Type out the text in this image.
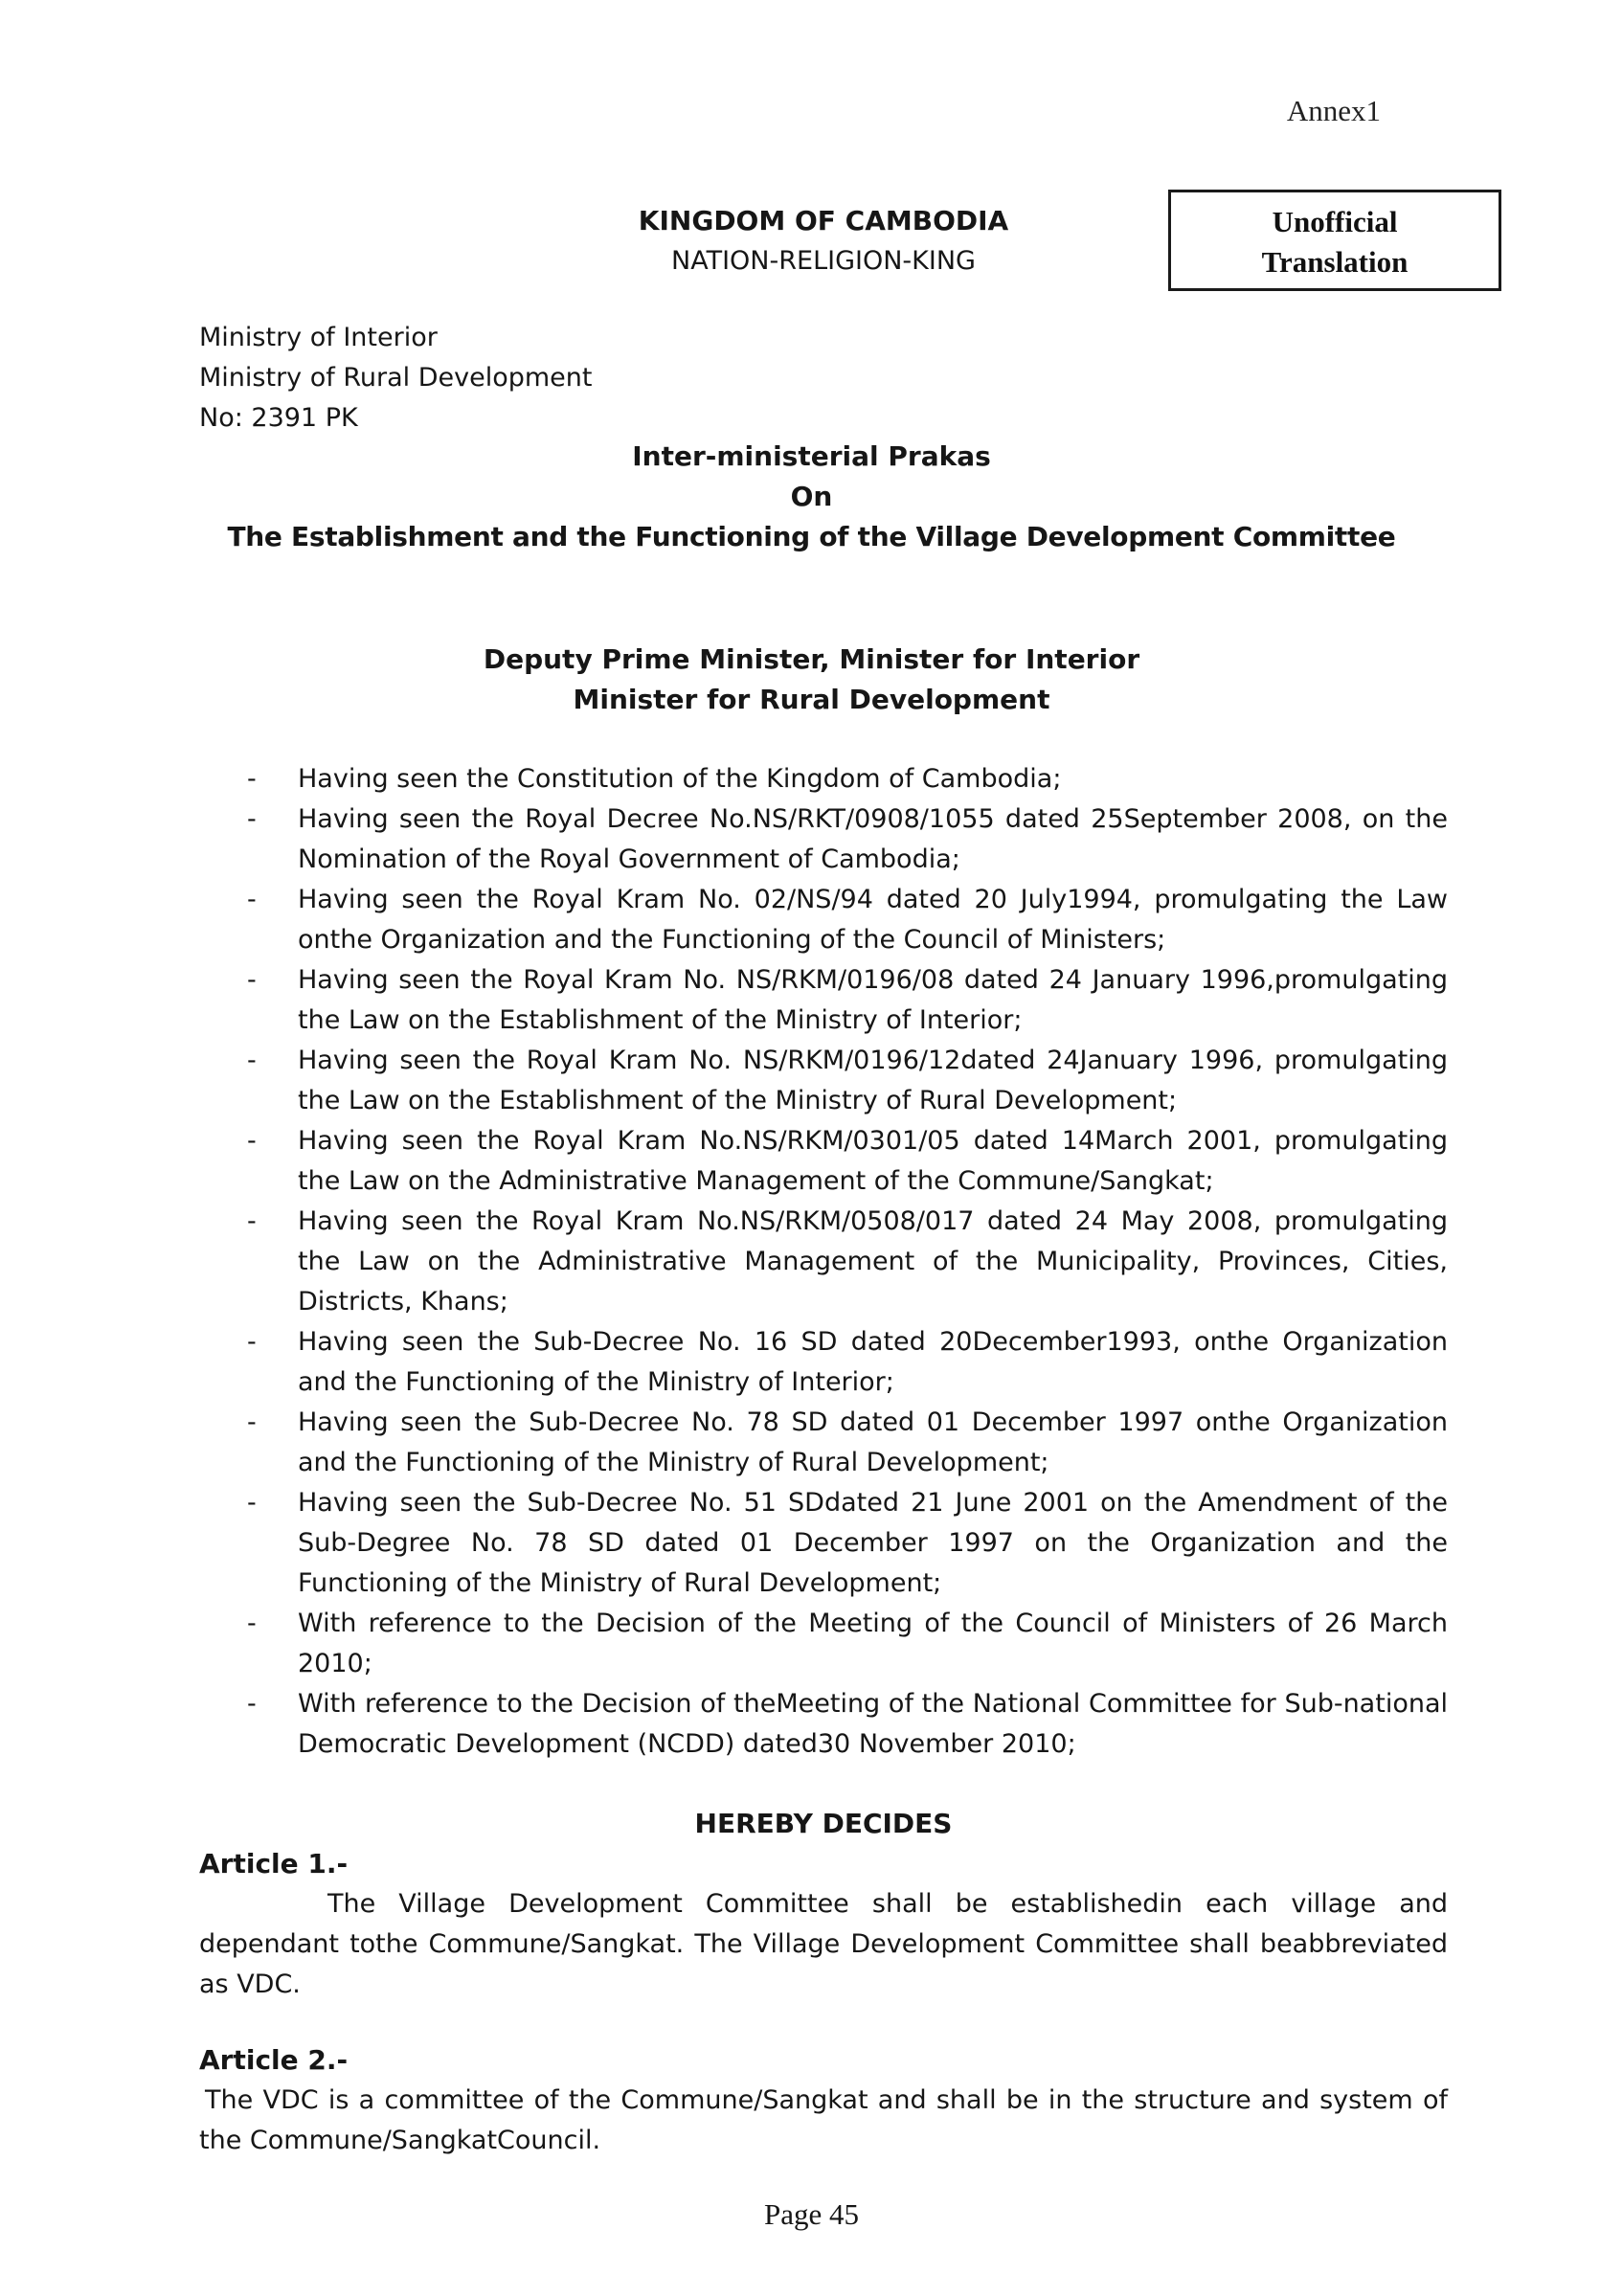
Annex1
Unofficial
Translation
KINGDOM OF CAMBODIA
NATION-RELIGION-KING
Ministry of Interior
Ministry of Rural Development
No: 2391 PK
Inter-ministerial Prakas
On
The Establishment and the Functioning of the Village Development Committee
Deputy Prime Minister, Minister for Interior
Minister for Rural Development
- Having seen the Constitution of the Kingdom of Cambodia;
- Having seen the Royal Decree No.NS/RKT/0908/1055 dated 25September 2008, on the Nomination of the Royal Government of Cambodia;
- Having seen the Royal Kram No. 02/NS/94 dated 20 July1994, promulgating the Law onthe Organization and the Functioning of the Council of Ministers;
- Having seen the Royal Kram No. NS/RKM/0196/08 dated 24 January 1996,promulgating the Law on the Establishment of the Ministry of Interior;
- Having seen the Royal Kram No. NS/RKM/0196/12dated 24January 1996, promulgating the Law on the Establishment of the Ministry of Rural Development;
- Having seen the Royal Kram No.NS/RKM/0301/05 dated 14March 2001, promulgating the Law on the Administrative Management of the Commune/Sangkat;
- Having seen the Royal Kram No.NS/RKM/0508/017 dated 24 May 2008, promulgating the Law on the Administrative Management of the Municipality, Provinces, Cities, Districts, Khans;
- Having seen the Sub-Decree No. 16 SD dated 20December1993, onthe Organization and the Functioning of the Ministry of Interior;
- Having seen the Sub-Decree No. 78 SD dated 01 December 1997 onthe Organization and the Functioning of the Ministry of Rural Development;
- Having seen the Sub-Decree No. 51 SDdated 21 June 2001 on the Amendment of the Sub-Degree No. 78 SD dated 01 December 1997 on the Organization and the Functioning of the Ministry of Rural Development;
- With reference to the Decision of the Meeting of the Council of Ministers of 26 March 2010;
- With reference to the Decision of theMeeting of the National Committee for Sub-national Democratic Development (NCDD) dated30 November 2010;
HEREBY DECIDES
Article 1.-

The Village Development Committee shall be establishedin each village and dependant tothe Commune/Sangkat. The Village Development Committee shall beabbreviated as VDC.

Article 2.-

The VDC is a committee of the Commune/Sangkat and shall be in the structure and system of the Commune/SangkatCouncil.

Page 45
